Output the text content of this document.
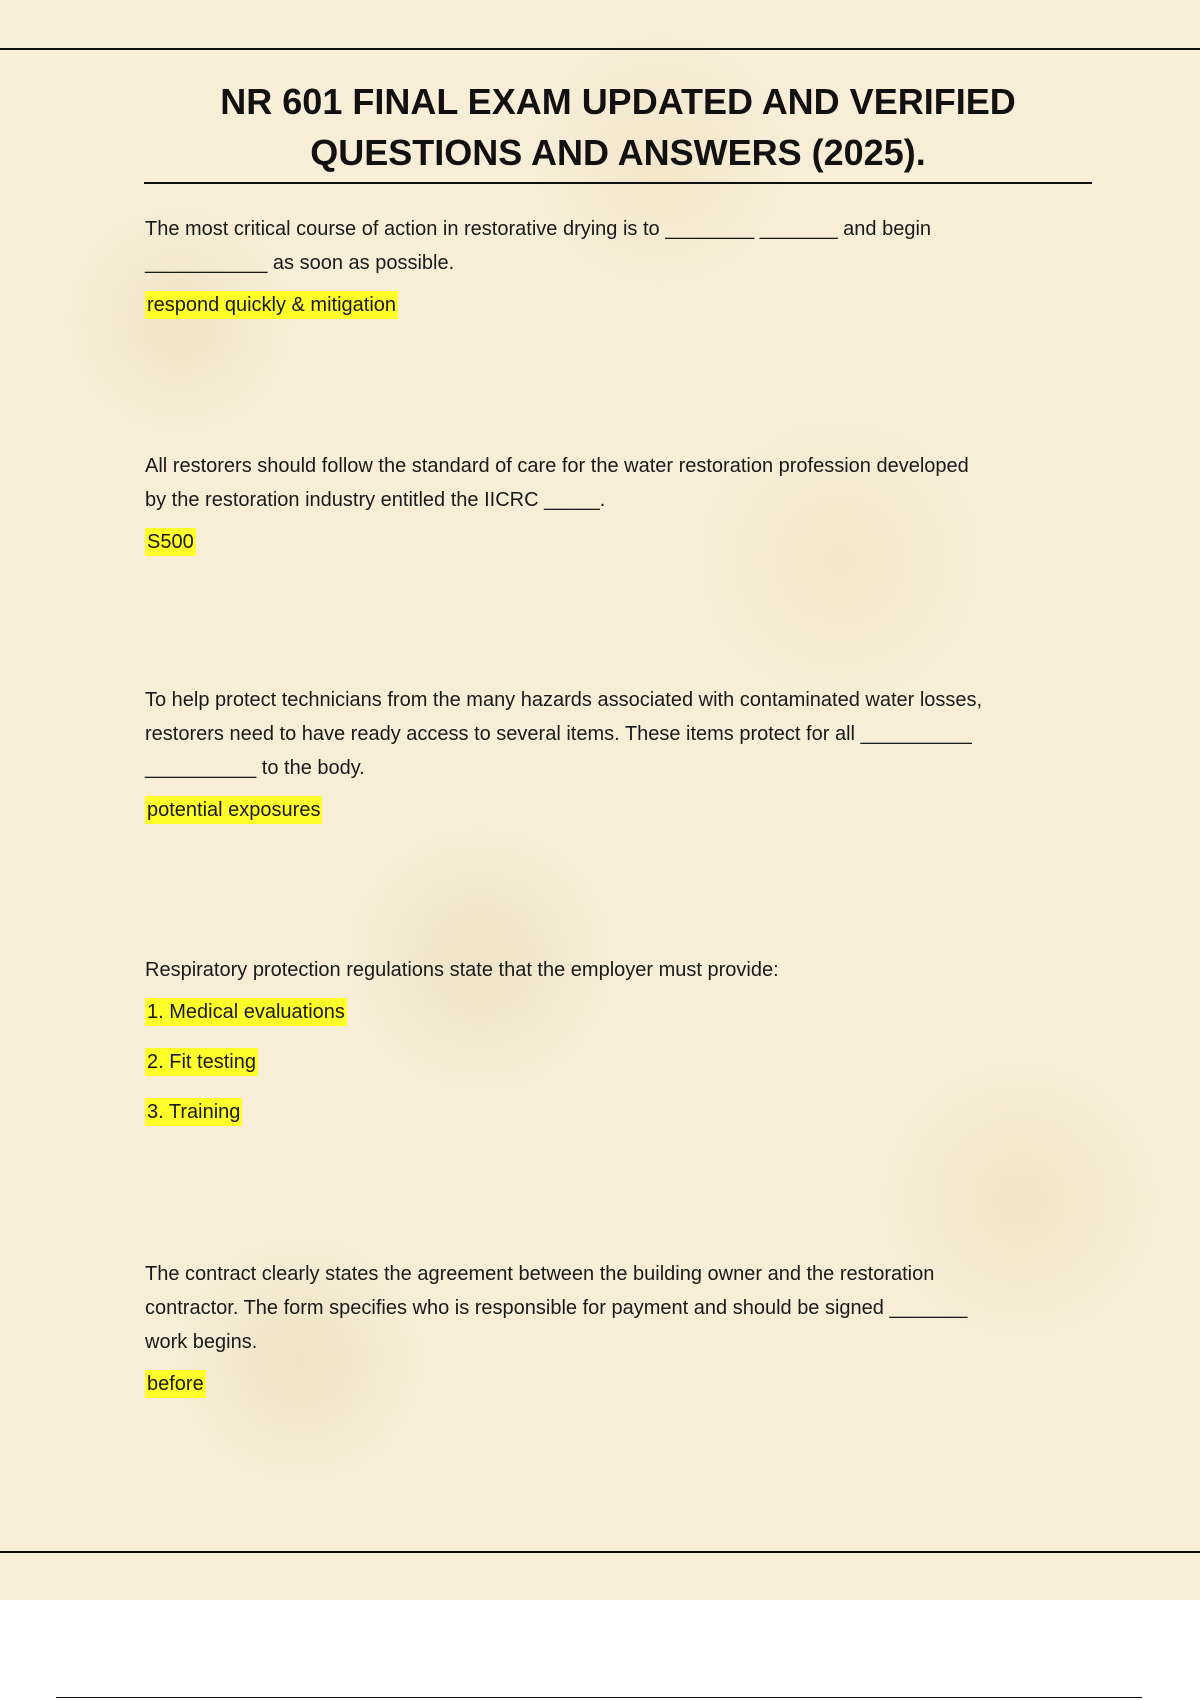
NR 601 FINAL EXAM UPDATED AND VERIFIED
QUESTIONS AND ANSWERS (2025).

The most critical course of action in restorative drying is to ________ _______ and begin
___________ as soon as possible.

respond quickly & mitigation

All restorers should follow the standard of care for the water restoration profession developed
by the restoration industry entitled the IICRC _____.

S500

To help protect technicians from the many hazards associated with contaminated water losses,
restorers need to have ready access to several items. These items protect for all __________
__________ to the body.

potential exposures

Respiratory protection regulations state that the employer must provide:

1. Medical evaluations

2. Fit testing

3. Training

The contract clearly states the agreement between the building owner and the restoration
contractor. The form specifies who is responsible for payment and should be signed _______
work begins.

before
